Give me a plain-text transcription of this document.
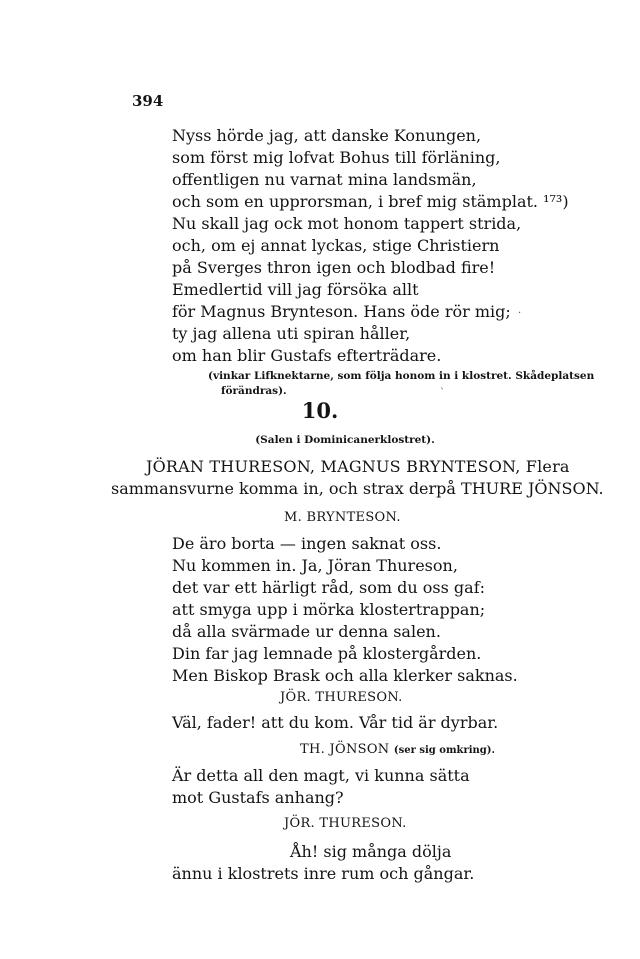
394
Nyss hörde jag, att danske Konungen,
som först mig lofvat Bohus till förläning,
offentligen nu varnat mina landsmän,
och som en upprorsman, i bref mig stämplat. ¹⁷³)
Nu skall jag ock mot honom tappert strida,
och, om ej annat lyckas, stige Christiern
på Sverges thron igen och blodbad fire!
Emedlertid vill jag försöka allt
för Magnus Brynteson. Hans öde rör mig;
ty jag allena uti spiran håller,
om han blir Gustafs efterträdare.
·
ˋ
(vinkar Lifknektarne, som följa honom in i klostret. Skådeplatsen
förändras).
10.
(Salen i Dominicanerklostret).
JÖRAN THURESON, MAGNUS BRYNTESON, Flera
sammansvurne komma in, och strax derpå THURE JÖNSON.
M. BRYNTESON.
De äro borta — ingen saknat oss.
Nu kommen in. Ja, Jöran Thureson,
det var ett härligt råd, som du oss gaf:
att smyga upp i mörka klostertrappan;
då alla svärmade ur denna salen.
Din far jag lemnade på klostergården.
Men Biskop Brask och alla klerker saknas.
JÖR. THURESON.
Väl, fader! att du kom. Vår tid är dyrbar.
TH. JÖNSON (ser sig omkring).
Är detta all den magt, vi kunna sätta
mot Gustafs anhang?
JÖR. THURESON.
Åh! sig många dölja
ännu i klostrets inre rum och gångar.
